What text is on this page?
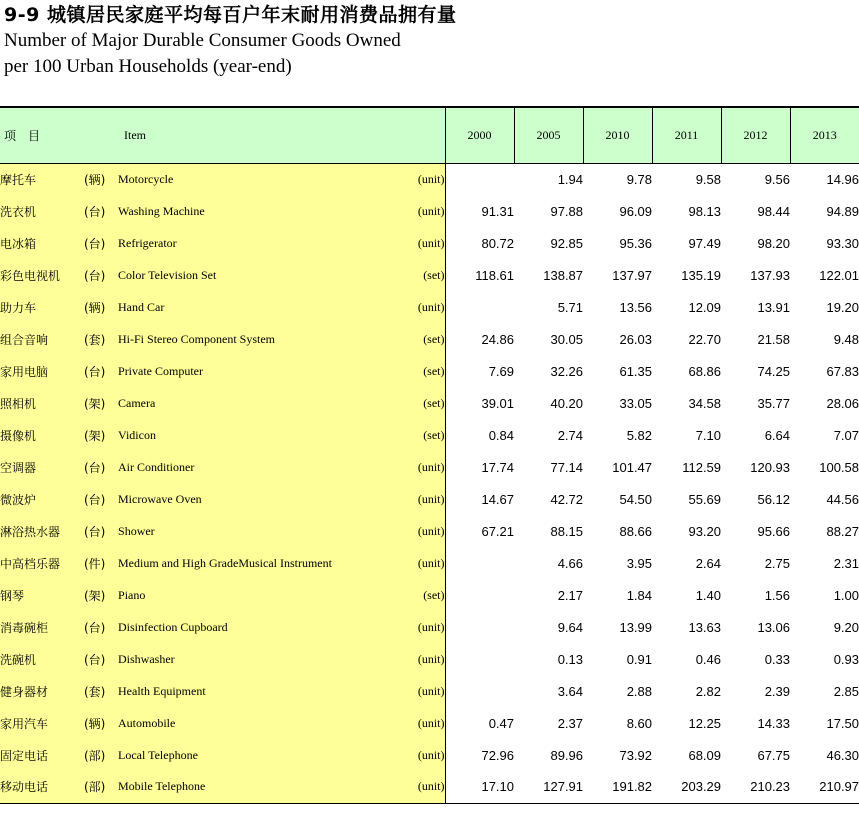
9-9 城镇居民家庭平均每百户年末耐用消费品拥有量
Number of Major Durable Consumer Goods Owned
per 100 Urban Households (year-end)
项　目		Item		2000	2005	2010	2011	2012	2013
摩托车	(辆)	Motorcycle	(unit)		1.94	9.78	9.58	9.56	14.96
洗衣机	(台)	Washing Machine	(unit)	91.31	97.88	96.09	98.13	98.44	94.89
电冰箱	(台)	Refrigerator	(unit)	80.72	92.85	95.36	97.49	98.20	93.30
彩色电视机	(台)	Color Television Set	(set)	118.61	138.87	137.97	135.19	137.93	122.01
助力车	(辆)	Hand Car	(unit)		5.71	13.56	12.09	13.91	19.20
组合音响	(套)	Hi-Fi Stereo Component System	(set)	24.86	30.05	26.03	22.70	21.58	9.48
家用电脑	(台)	Private Computer	(set)	7.69	32.26	61.35	68.86	74.25	67.83
照相机	(架)	Camera	(set)	39.01	40.20	33.05	34.58	35.77	28.06
摄像机	(架)	Vidicon	(set)	0.84	2.74	5.82	7.10	6.64	7.07
空调器	(台)	Air Conditioner	(unit)	17.74	77.14	101.47	112.59	120.93	100.58
微波炉	(台)	Microwave Oven	(unit)	14.67	42.72	54.50	55.69	56.12	44.56
淋浴热水器	(台)	Shower	(unit)	67.21	88.15	88.66	93.20	95.66	88.27
中高档乐器	(件)	Medium and High GradeMusical Instrument	(unit)		4.66	3.95	2.64	2.75	2.31
钢琴	(架)	Piano	(set)		2.17	1.84	1.40	1.56	1.00
消毒碗柜	(台)	Disinfection Cupboard	(unit)		9.64	13.99	13.63	13.06	9.20
洗碗机	(台)	Dishwasher	(unit)		0.13	0.91	0.46	0.33	0.93
健身器材	(套)	Health Equipment	(unit)		3.64	2.88	2.82	2.39	2.85
家用汽车	(辆)	Automobile	(unit)	0.47	2.37	8.60	12.25	14.33	17.50
固定电话	(部)	Local Telephone	(unit)	72.96	89.96	73.92	68.09	67.75	46.30
移动电话	(部)	Mobile Telephone	(unit)	17.10	127.91	191.82	203.29	210.23	210.97
